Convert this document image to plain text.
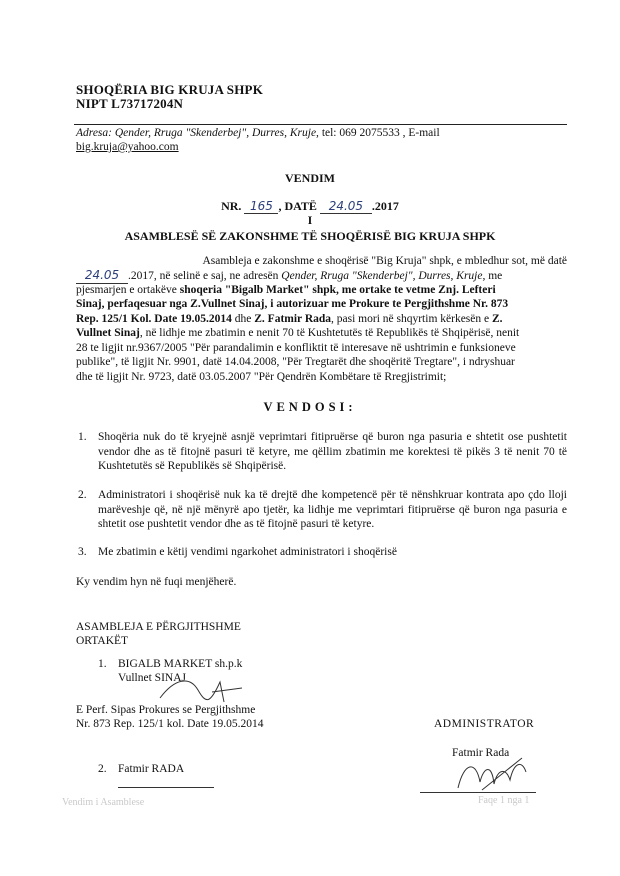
SHOQËRIA BIG KRUJA SHPK
NIPT L73717204N
Adresa: Qender, Rruga "Skenderbej", Durres, Kruje, tel: 069 2075533 , E-mail
big.kruja@yahoo.com
VENDIM
NR. 165 , DATË 24.05 .2017
I
ASAMBLESË SË ZAKONSHME TË SHOQËRISË BIG KRUJA SHPK
Asambleja e zakonshme e shoqërisë "Big Kruja" shpk, e mbledhur sot, më datë
24.05 .2017, në selinë e saj, ne adresën Qender, Rruga "Skenderbej", Durres, Kruje, me
pjesmarjen e ortakëve shoqeria "Bigalb Market" shpk, me ortake te vetme Znj. Lefteri
Sinaj, perfaqesuar nga Z.Vullnet Sinaj, i autorizuar me Prokure te Pergjithshme Nr. 873
Rep. 125/1 Kol. Date 19.05.2014 dhe Z. Fatmir Rada, pasi mori në shqyrtim kërkesën e Z.
Vullnet Sinaj, në lidhje me zbatimin e nenit 70 të Kushtetutës të Republikës të Shqipërisë, nenit
28 te ligjit nr.9367/2005 "Për parandalimin e konfliktit të interesave në ushtrimin e funksioneve
publike", të ligjit Nr. 9901, datë 14.04.2008, "Për Tregtarët dhe shoqëritë Tregtare", i ndryshuar
dhe të ligjit Nr. 9723, datë 03.05.2007 "Për Qendrën Kombëtare të Rregjistrimit;
VENDOSI:
1. Shoqëria nuk do të kryejnë asnjë veprimtari fitipruërse që buron nga pasuria e shtetit ose pushtetit vendor dhe as të fitojnë pasuri të ketyre, me qëllim zbatimin me korektesi të pikës 3 të nenit 70 të Kushtetutës së Republikës së Shqipërisë.
2. Administratori i shoqërisë nuk ka të drejtë dhe kompetencë për të nënshkruar kontrata apo çdo lloji marëveshje që, në një mënyrë apo tjetër, ka lidhje me veprimtari fitipruërse që buron nga pasuria e shtetit ose pushtetit vendor dhe as të fitojnë pasuri të ketyre.
3. Me zbatimin e këtij vendimi ngarkohet administratori i shoqërisë
Ky vendim hyn në fuqi menjëherë.
ASAMBLEJA E PËRGJITHSHME
ORTAKËT
1. BIGALB MARKET sh.p.k
Vullnet SINAJ
E Perf. Sipas Prokures se Pergjithshme
Nr. 873 Rep. 125/1 kol. Date 19.05.2014
2. Fatmir RADA
Vendim i Asamblese
ADMINISTRATOR
Fatmir Rada
Faqe 1 nga 1
